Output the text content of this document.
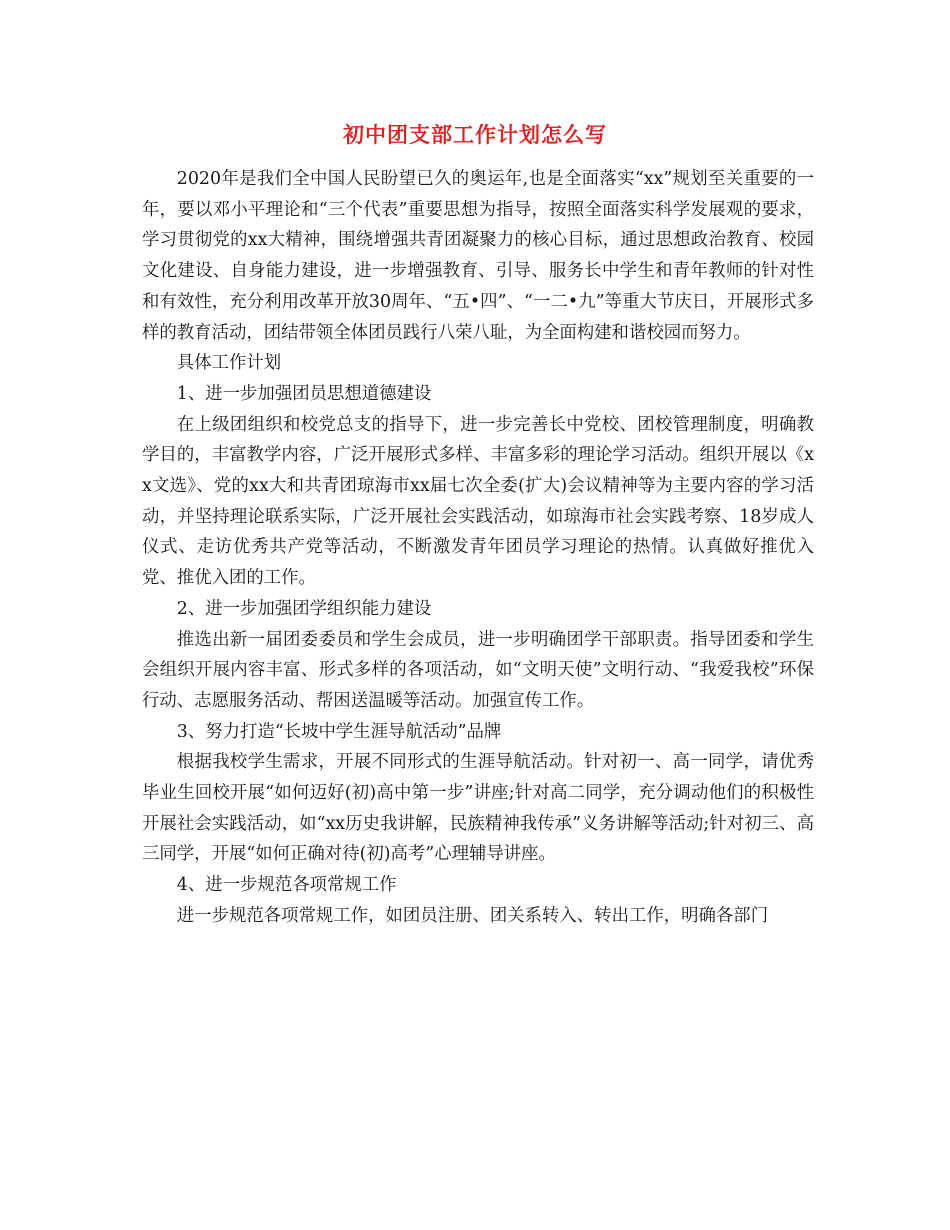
初中团支部工作计划怎么写

2020年是我们全中国人民盼望已久的奥运年,也是全面落实“xx”规划至关重要的一年，要以邓小平理论和“三个代表”重要思想为指导，按照全面落实科学发展观的要求，学习贯彻党的xx大精神，围绕增强共青团凝聚力的核心目标，通过思想政治教育、校园文化建设、自身能力建设，进一步增强教育、引导、服务长中学生和青年教师的针对性和有效性，充分利用改革开放30周年、“五•四”、“一二•九”等重大节庆日，开展形式多样的教育活动，团结带领全体团员践行八荣八耻，为全面构建和谐校园而努力。

具体工作计划

1、进一步加强团员思想道德建设

在上级团组织和校党总支的指导下，进一步完善长中党校、团校管理制度，明确教学目的，丰富教学内容，广泛开展形式多样、丰富多彩的理论学习活动。组织开展以《xx文选》、党的xx大和共青团琼海市xx届七次全委(扩大)会议精神等为主要内容的学习活动，并坚持理论联系实际，广泛开展社会实践活动，如琼海市社会实践考察、18岁成人仪式、走访优秀共产党等活动，不断激发青年团员学习理论的热情。认真做好推优入党、推优入团的工作。

2、进一步加强团学组织能力建设

推选出新一届团委委员和学生会成员，进一步明确团学干部职责。指导团委和学生会组织开展内容丰富、形式多样的各项活动，如“文明天使”文明行动、“我爱我校”环保行动、志愿服务活动、帮困送温暖等活动。加强宣传工作。

3、努力打造“长坡中学生涯导航活动”品牌

根据我校学生需求，开展不同形式的生涯导航活动。针对初一、高一同学，请优秀毕业生回校开展“如何迈好(初)高中第一步”讲座;针对高二同学，充分调动他们的积极性开展社会实践活动，如“xx历史我讲解，民族精神我传承”义务讲解等活动;针对初三、高三同学，开展“如何正确对待(初)高考”心理辅导讲座。

4、进一步规范各项常规工作

进一步规范各项常规工作，如团员注册、团关系转入、转出工作，明确各部门
